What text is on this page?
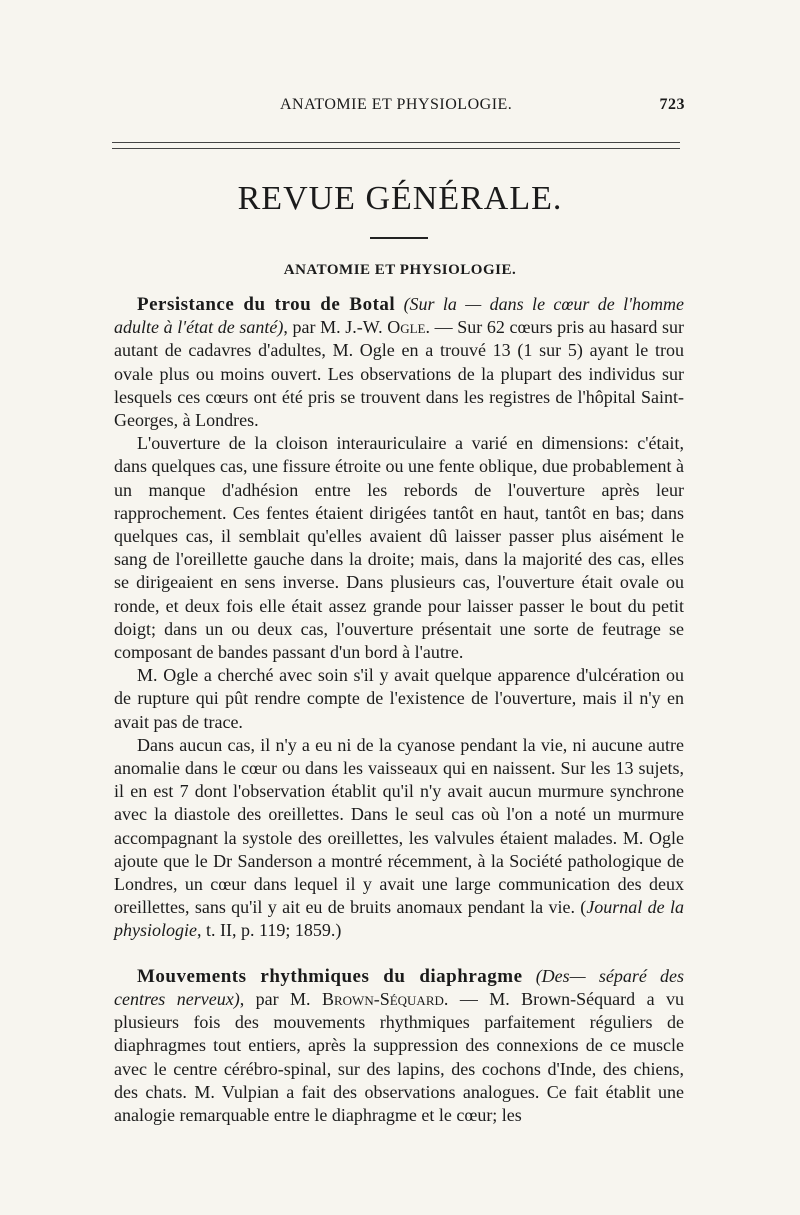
ANATOMIE ET PHYSIOLOGIE.	723
REVUE GÉNÉRALE.
ANATOMIE ET PHYSIOLOGIE.

Persistance du trou de Botal (Sur la — dans le cœur de l'homme adulte à l'état de santé), par M. J.-W. Ogle. — Sur 62 cœurs pris au hasard sur autant de cadavres d'adultes, M. Ogle en a trouvé 13 (1 sur 5) ayant le trou ovale plus ou moins ouvert. Les observations de la plupart des individus sur lesquels ces cœurs ont été pris se trouvent dans les registres de l'hôpital Saint-Georges, à Londres.

L'ouverture de la cloison interauriculaire a varié en dimensions: c'était, dans quelques cas, une fissure étroite ou une fente oblique, due probablement à un manque d'adhésion entre les rebords de l'ouverture après leur rapprochement. Ces fentes étaient dirigées tantôt en haut, tantôt en bas; dans quelques cas, il semblait qu'elles avaient dû laisser passer plus aisément le sang de l'oreillette gauche dans la droite; mais, dans la majorité des cas, elles se dirigeaient en sens inverse. Dans plusieurs cas, l'ouverture était ovale ou ronde, et deux fois elle était assez grande pour laisser passer le bout du petit doigt; dans un ou deux cas, l'ouverture présentait une sorte de feutrage se composant de bandes passant d'un bord à l'autre.

M. Ogle a cherché avec soin s'il y avait quelque apparence d'ulcération ou de rupture qui pût rendre compte de l'existence de l'ouverture, mais il n'y en avait pas de trace.

Dans aucun cas, il n'y a eu ni de la cyanose pendant la vie, ni aucune autre anomalie dans le cœur ou dans les vaisseaux qui en naissent. Sur les 13 sujets, il en est 7 dont l'observation établit qu'il n'y avait aucun murmure synchrone avec la diastole des oreillettes. Dans le seul cas où l'on a noté un murmure accompagnant la systole des oreillettes, les valvules étaient malades. M. Ogle ajoute que le Dr Sanderson a montré récemment, à la Société pathologique de Londres, un cœur dans lequel il y avait une large communication des deux oreillettes, sans qu'il y ait eu de bruits anomaux pendant la vie. (Journal de la physiologie, t. II, p. 119; 1859.)

Mouvements rhythmiques du diaphragme (Des— séparé des centres nerveux), par M. Brown-Séquard. — M. Brown-Séquard a vu plusieurs fois des mouvements rhythmiques parfaitement réguliers de diaphragmes tout entiers, après la suppression des connexions de ce muscle avec le centre cérébro-spinal, sur des lapins, des cochons d'Inde, des chiens, des chats. M. Vulpian a fait des observations analogues. Ce fait établit une analogie remarquable entre le diaphragme et le cœur; les
